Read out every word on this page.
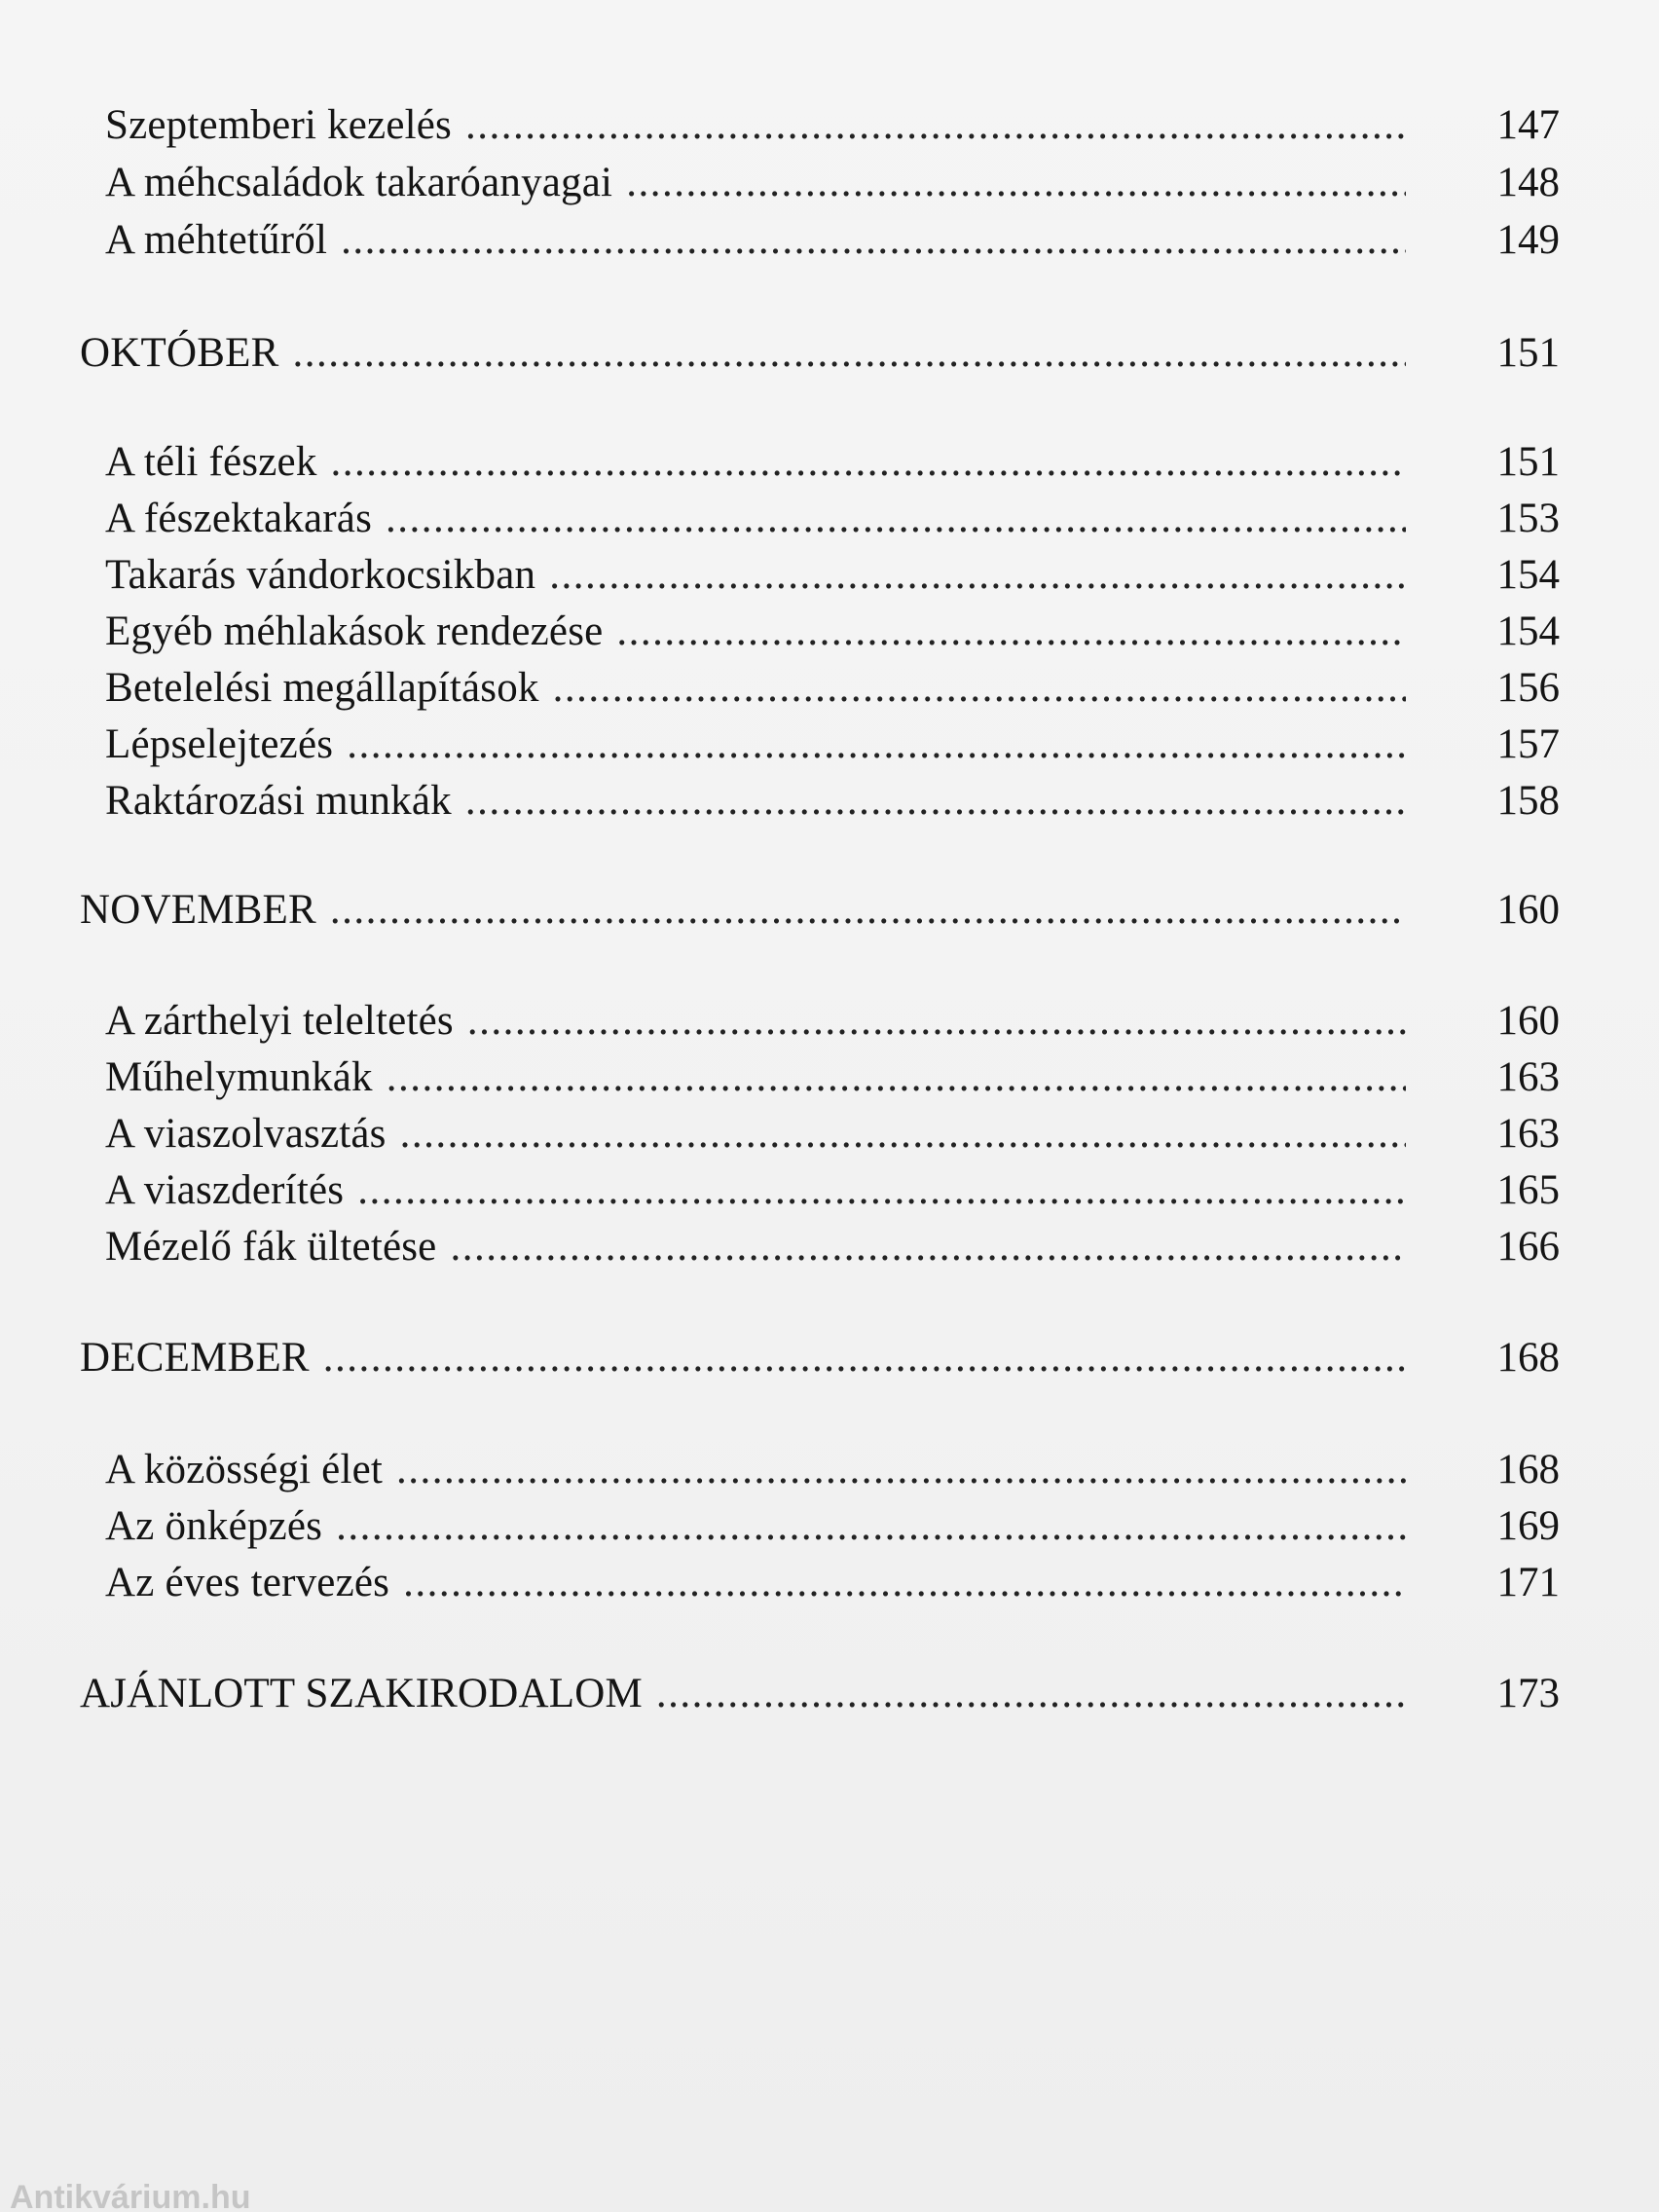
Szeptemberi kezelés .....	147
A méhcsaládok takaróanyagai .....	148
A méhtetűről .....	149
OKTÓBER .....	151
A téli fészek .....	151
A fészektakarás .....	153
Takarás vándorkocsikban .....	154
Egyéb méhlakások rendezése .....	154
Betelelési megállapítások .....	156
Lépselejtezés .....	157
Raktározási munkák .....	158
NOVEMBER .....	160
A zárthelyi teleltetés .....	160
Műhelymunkák .....	163
A viaszolvasztás .....	163
A viaszderítés .....	165
Mézelő fák ültetése .....	166
DECEMBER .....	168
A közösségi élet .....	168
Az önképzés .....	169
Az éves tervezés .....	171
AJÁNLOTT SZAKIRODALOM .....	173
Antikvárium.hu
